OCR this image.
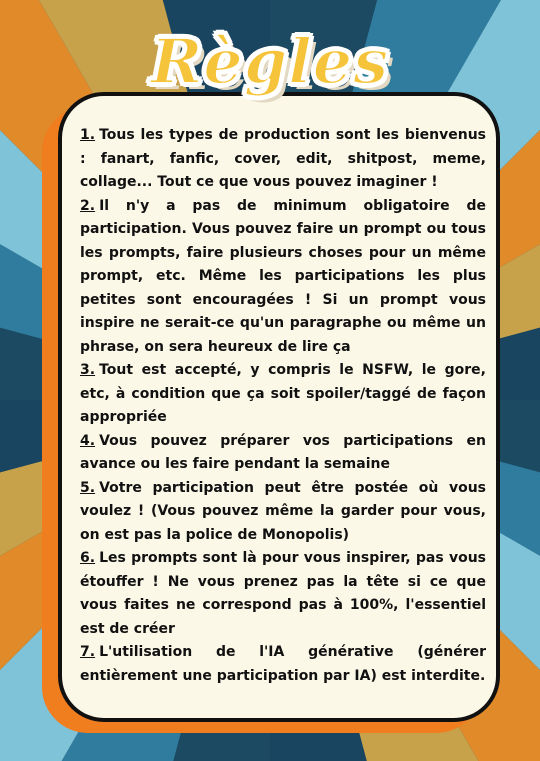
Règles

1. Tous les types de production sont les bienvenus : fanart, fanfic, cover, edit, shitpost, meme, collage... Tout ce que vous pouvez imaginer !

2. Il n'y a pas de minimum obligatoire de participation. Vous pouvez faire un prompt ou tous les prompts, faire plusieurs choses pour un même prompt, etc. Même les participations les plus petites sont encouragées ! Si un prompt vous inspire ne serait-ce qu'un paragraphe ou même un phrase, on sera heureux de lire ça

3. Tout est accepté, y compris le NSFW, le gore, etc, à condition que ça soit spoiler/taggé de façon appropriée

4. Vous pouvez préparer vos participations en avance ou les faire pendant la semaine

5. Votre participation peut être postée où vous voulez ! (Vous pouvez même la garder pour vous, on est pas la police de Monopolis)

6. Les prompts sont là pour vous inspirer, pas vous étouffer ! Ne vous prenez pas la tête si ce que vous faites ne correspond pas à 100%, l'essentiel est de créer

7. L'utilisation de l'IA générative (générer entièrement une participation par IA) est interdite.
